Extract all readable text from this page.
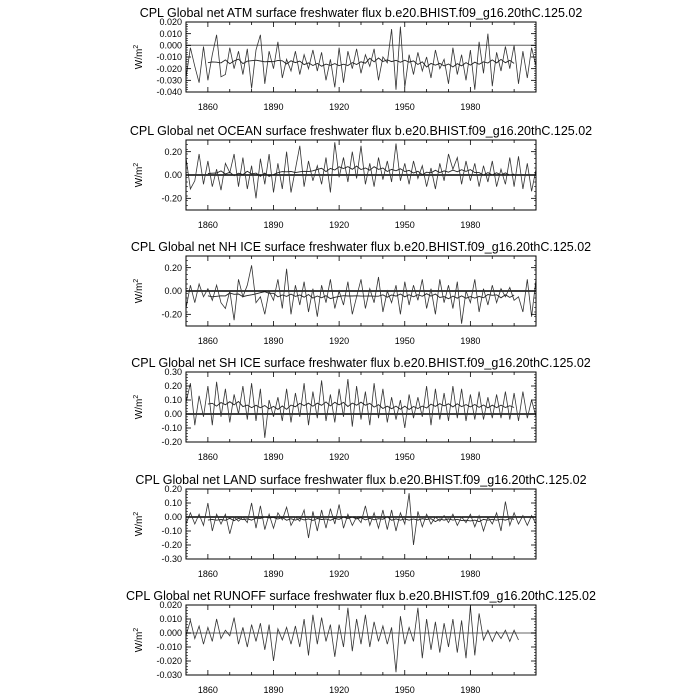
CPL Global net ATM surface freshwater flux b.e20.BHIST.f09_g16.20thC.125.02
$W/m^2$
1860	1890	1920	1950	1980
0.020
0.010
0.000
-0.010
-0.020
-0.030
-0.040
CPL Global net OCEAN surface freshwater flux b.e20.BHIST.f09_g16.20thC.125.02
$W/m^2$
1860	1890	1920	1950	1980
0.20
0.00
-0.20
CPL Global net NH ICE surface freshwater flux b.e20.BHIST.f09_g16.20thC.125.02
$W/m^2$
1860	1890	1920	1950	1980
0.20
0.00
-0.20
CPL Global net SH ICE surface freshwater flux b.e20.BHIST.f09_g16.20thC.125.02
$W/m^2$
1860	1890	1920	1950	1980
0.30
0.20
0.10
0.00
-0.10
-0.20
CPL Global net LAND surface freshwater flux b.e20.BHIST.f09_g16.20thC.125.02
$W/m^2$
1860	1890	1920	1950	1980
0.20
0.10
0.00
-0.10
-0.20
-0.30
CPL Global net RUNOFF surface freshwater flux b.e20.BHIST.f09_g16.20thC.125.02
$W/m^2$
1860	1890	1920	1950	1980
0.020
0.010
0.000
-0.010
-0.020
-0.030
